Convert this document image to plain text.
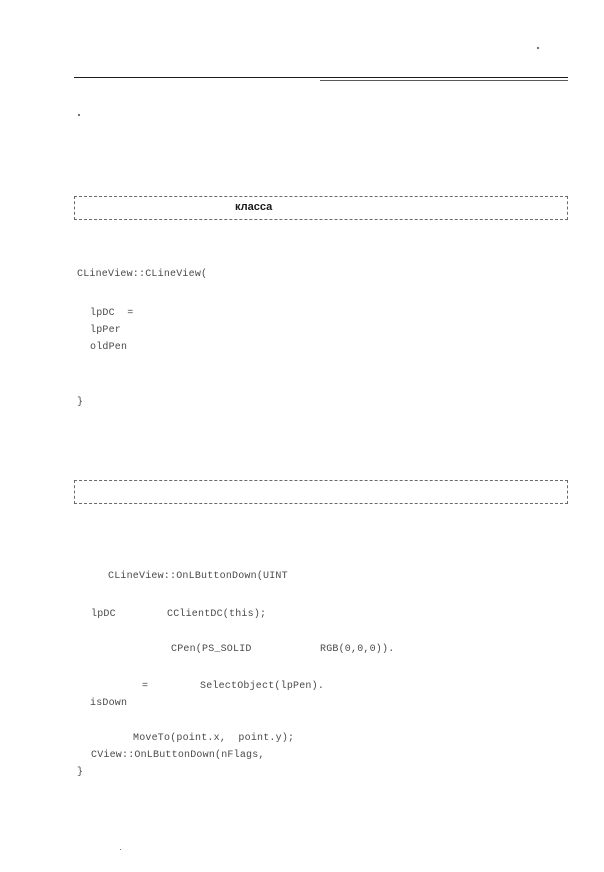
класса
CLineView::CLineView(
lpDC  =
lpPer
oldPen
}
CLineView::OnLButtonDown(UINT
lpDC	CClientDC(this);
CPen(PS_SOLID	RGB(0,0,0)).
=	SelectObject(lpPen).
isDown
MoveTo(point.x,  point.y);
CView::OnLButtonDown(nFlags,
}
